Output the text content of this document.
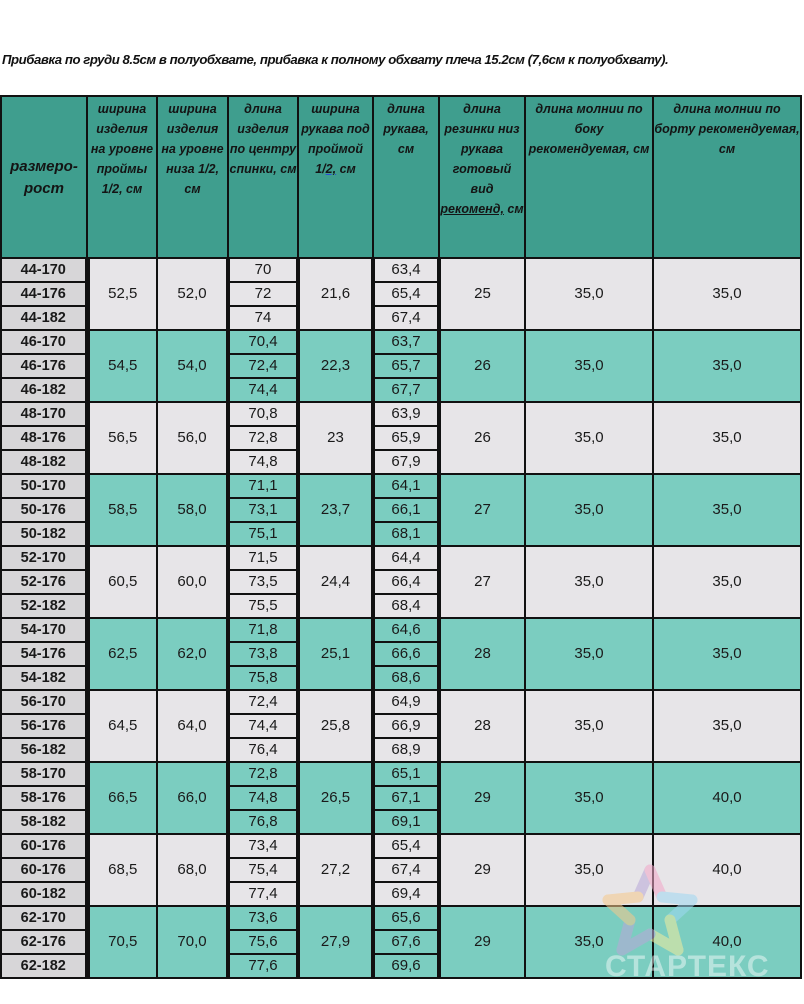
Прибавка по груди 8.5см в полуобхвате, прибавка к полному обхвату плеча 15.2см (7,6см к полуобхвату).
размеро-рост	ширина изделия на уровне проймы 1/2, см	ширина изделия на уровне низа 1/2, см	длина изделия по центру спинки, см	ширина рукава под проймой 1/2, см	длина рукава, см	длина резинки низ рукава готовый вид рекоменд, см	длина молнии по боку рекомендуемая, см	длина молнии по борту рекомендуемая, см
44-170	52,5	52,0	70	21,6	63,4	25	35,0	35,0
44-176			72		65,4			
44-182			74		67,4			
46-170	54,5	54,0	70,4	22,3	63,7	26	35,0	35,0
46-176			72,4		65,7			
46-182			74,4		67,7			
48-170	56,5	56,0	70,8	23	63,9	26	35,0	35,0
48-176			72,8		65,9			
48-182			74,8		67,9			
50-170	58,5	58,0	71,1	23,7	64,1	27	35,0	35,0
50-176			73,1		66,1			
50-182			75,1		68,1			
52-170	60,5	60,0	71,5	24,4	64,4	27	35,0	35,0
52-176			73,5		66,4			
52-182			75,5		68,4			
54-170	62,5	62,0	71,8	25,1	64,6	28	35,0	35,0
54-176			73,8		66,6			
54-182			75,8		68,6			
56-170	64,5	64,0	72,4	25,8	64,9	28	35,0	35,0
56-176			74,4		66,9			
56-182			76,4		68,9			
58-170	66,5	66,0	72,8	26,5	65,1	29	35,0	40,0
58-176			74,8		67,1			
58-182			76,8		69,1			
60-176	68,5	68,0	73,4	27,2	65,4	29	35,0	40,0
60-176			75,4		67,4			
60-182			77,4		69,4			
62-170	70,5	70,0	73,6	27,9	65,6	29	35,0	40,0
62-176			75,6		67,6			
62-182			77,6		69,6				СТАРТЕКС
